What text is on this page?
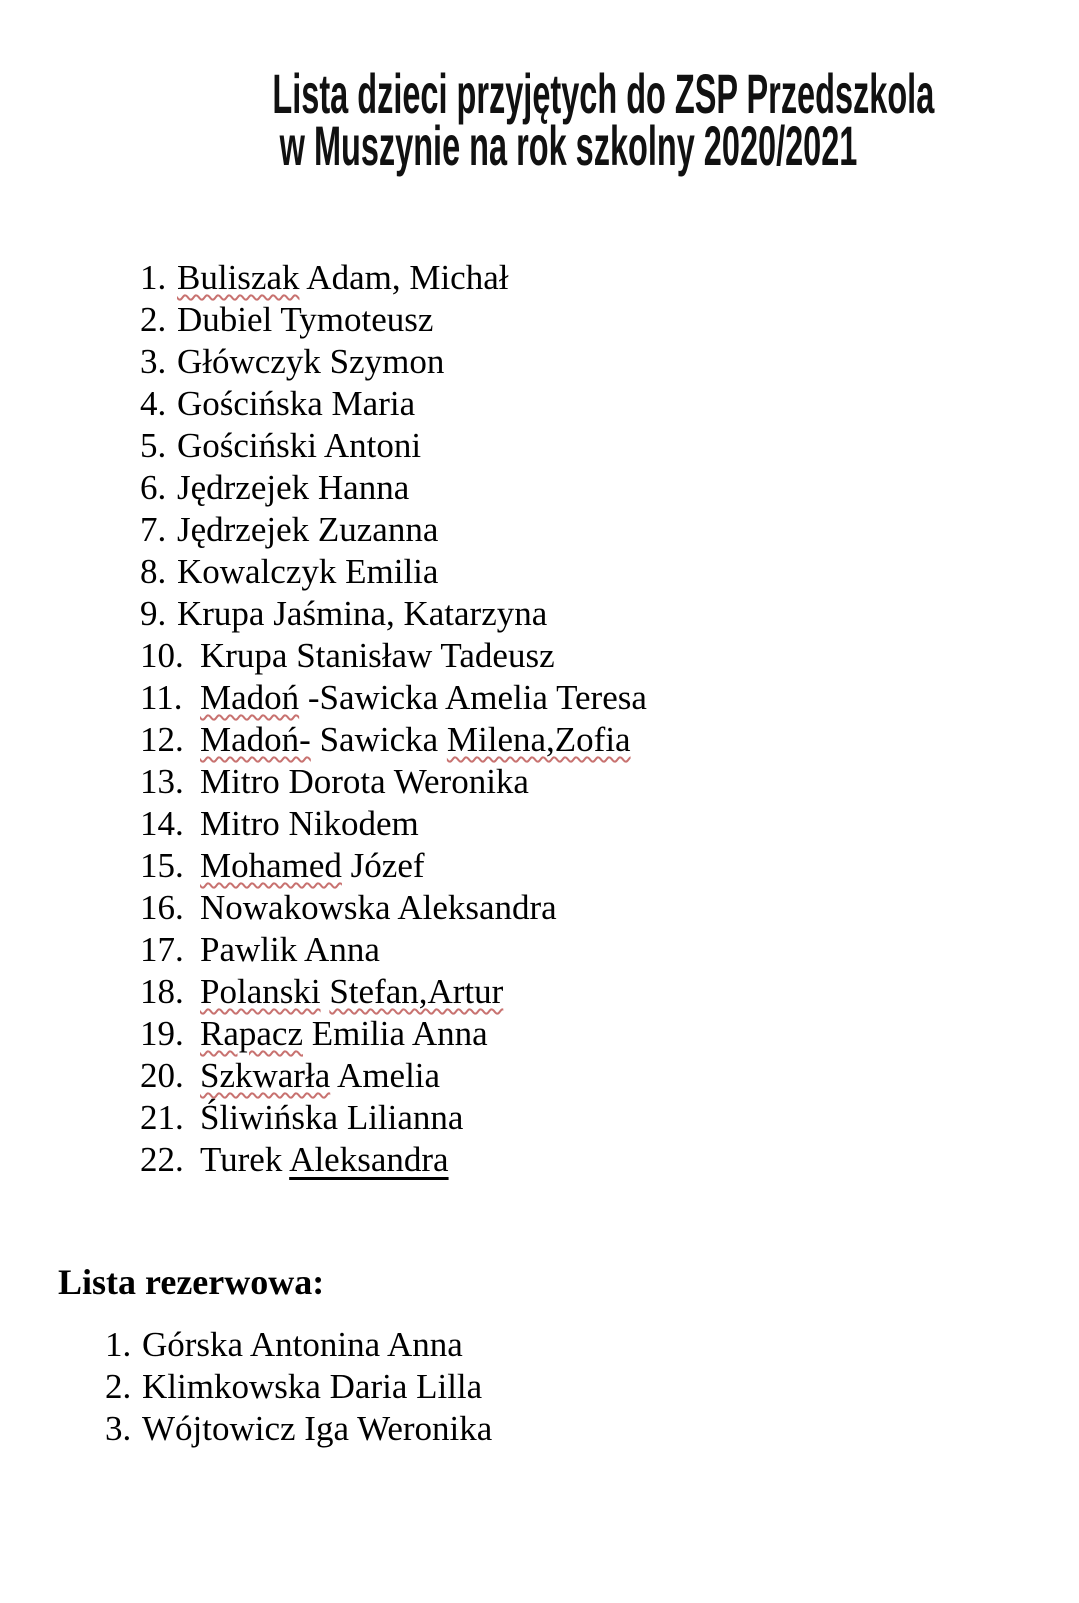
Lista dzieci przyjętych do ZSP Przedszkola
w Muszynie na rok szkolny 2020/2021
1. Buliszak Adam, Michał
2. Dubiel Tymoteusz
3. Główczyk Szymon
4. Gościńska Maria
5. Gościński Antoni
6. Jędrzejek Hanna
7. Jędrzejek Zuzanna
8. Kowalczyk Emilia
9. Krupa Jaśmina, Katarzyna
10. Krupa Stanisław Tadeusz
11. Madoń -Sawicka Amelia Teresa
12. Madoń- Sawicka Milena,Zofia
13. Mitro Dorota Weronika
14. Mitro Nikodem
15. Mohamed Józef
16. Nowakowska Aleksandra
17. Pawlik Anna
18. Polanski Stefan,Artur
19. Rapacz Emilia Anna
20. Szkwarła Amelia
21. Śliwińska Lilianna
22. Turek Aleksandra
Lista rezerwowa:
1. Górska Antonina Anna
2. Klimkowska Daria Lilla
3. Wójtowicz Iga Weronika
